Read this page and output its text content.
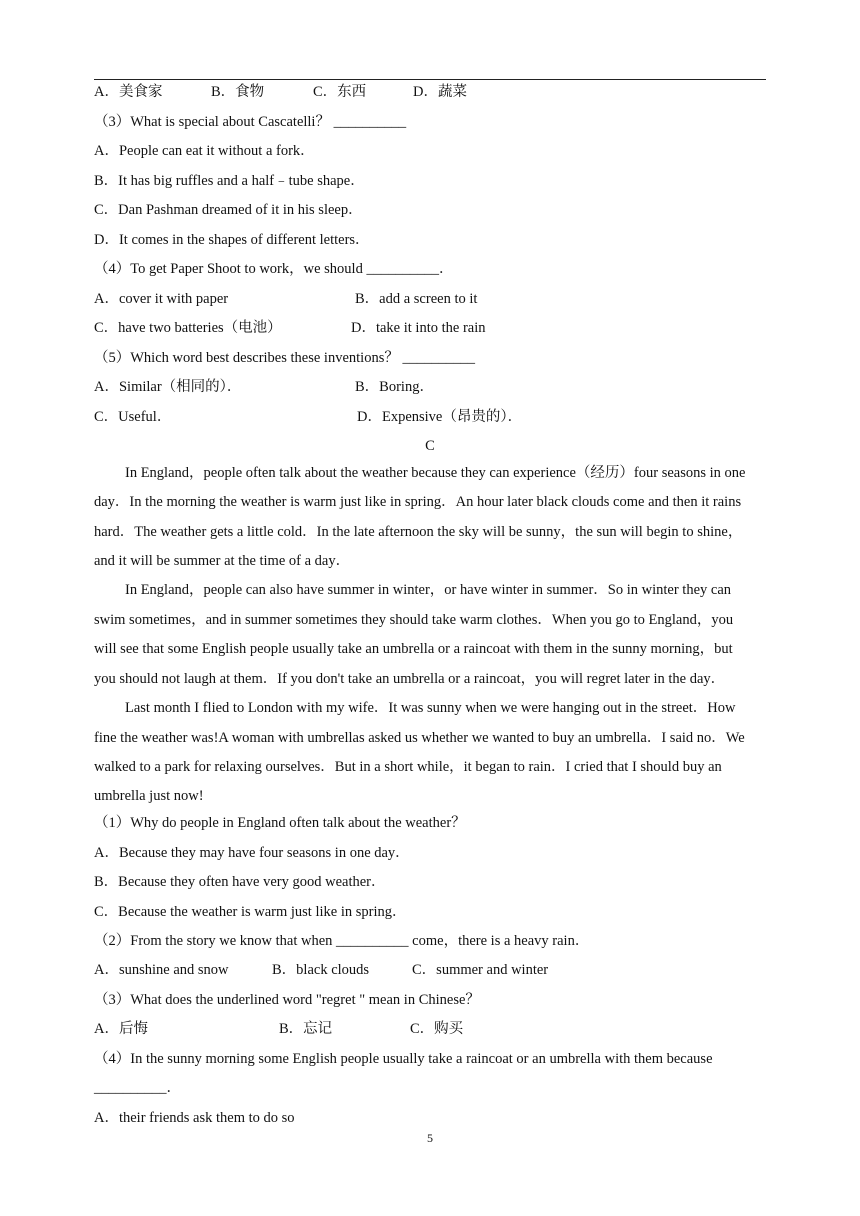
A．美食家	B．食物	C．东西	D．蔬菜
（3）What is special about Cascatelli？ __________
A．People can eat it without a fork．
B．It has big ruffles and a half﹣tube shape．
C．Dan Pashman dreamed of it in his sleep．
D．It comes in the shapes of different letters．
（4）To get Paper Shoot to work，we should __________．
A．cover it with paper	B．add a screen to it
C．have two batteries（电池）	D．take it into the rain
（5）Which word best describes these inventions？ __________
A．Similar（相同的）．	B．Boring．
C．Useful．	D．Expensive（昂贵的）．
C
In England，people often talk about the weather because they can experience（经历）four seasons in one
day．In the morning the weather is warm just like in spring．An hour later black clouds come and then it rains
hard．The weather gets a little cold．In the late afternoon the sky will be sunny，the sun will begin to shine，
and it will be summer at the time of a day．
In England，people can also have summer in winter，or have winter in summer．So in winter they can
swim sometimes，and in summer sometimes they should take warm clothes．When you go to England，you
will see that some English people usually take an umbrella or a raincoat with them in the sunny morning，but
you should not laugh at them．If you don't take an umbrella or a raincoat，you will regret later in the day．
Last month I flied to London with my wife．It was sunny when we were hanging out in the street．How
fine the weather was!A woman with umbrellas asked us whether we wanted to buy an umbrella．I said no．We
walked to a park for relaxing ourselves．But in a short while，it began to rain．I cried that I should buy an
umbrella just now!
（1）Why do people in England often talk about the weather？
A．Because they may have four seasons in one day．
B．Because they often have very good weather．
C．Because the weather is warm just like in spring．
（2）From the story we know that when __________ come，there is a heavy rain．
A．sunshine and snow	B．black clouds	C．summer and winter
（3）What does the underlined word "regret " mean in Chinese？
A．后悔	B．忘记	C．购买
（4）In the sunny morning some English people usually take a raincoat or an umbrella with them because
__________．
A．their friends ask them to do so
5
